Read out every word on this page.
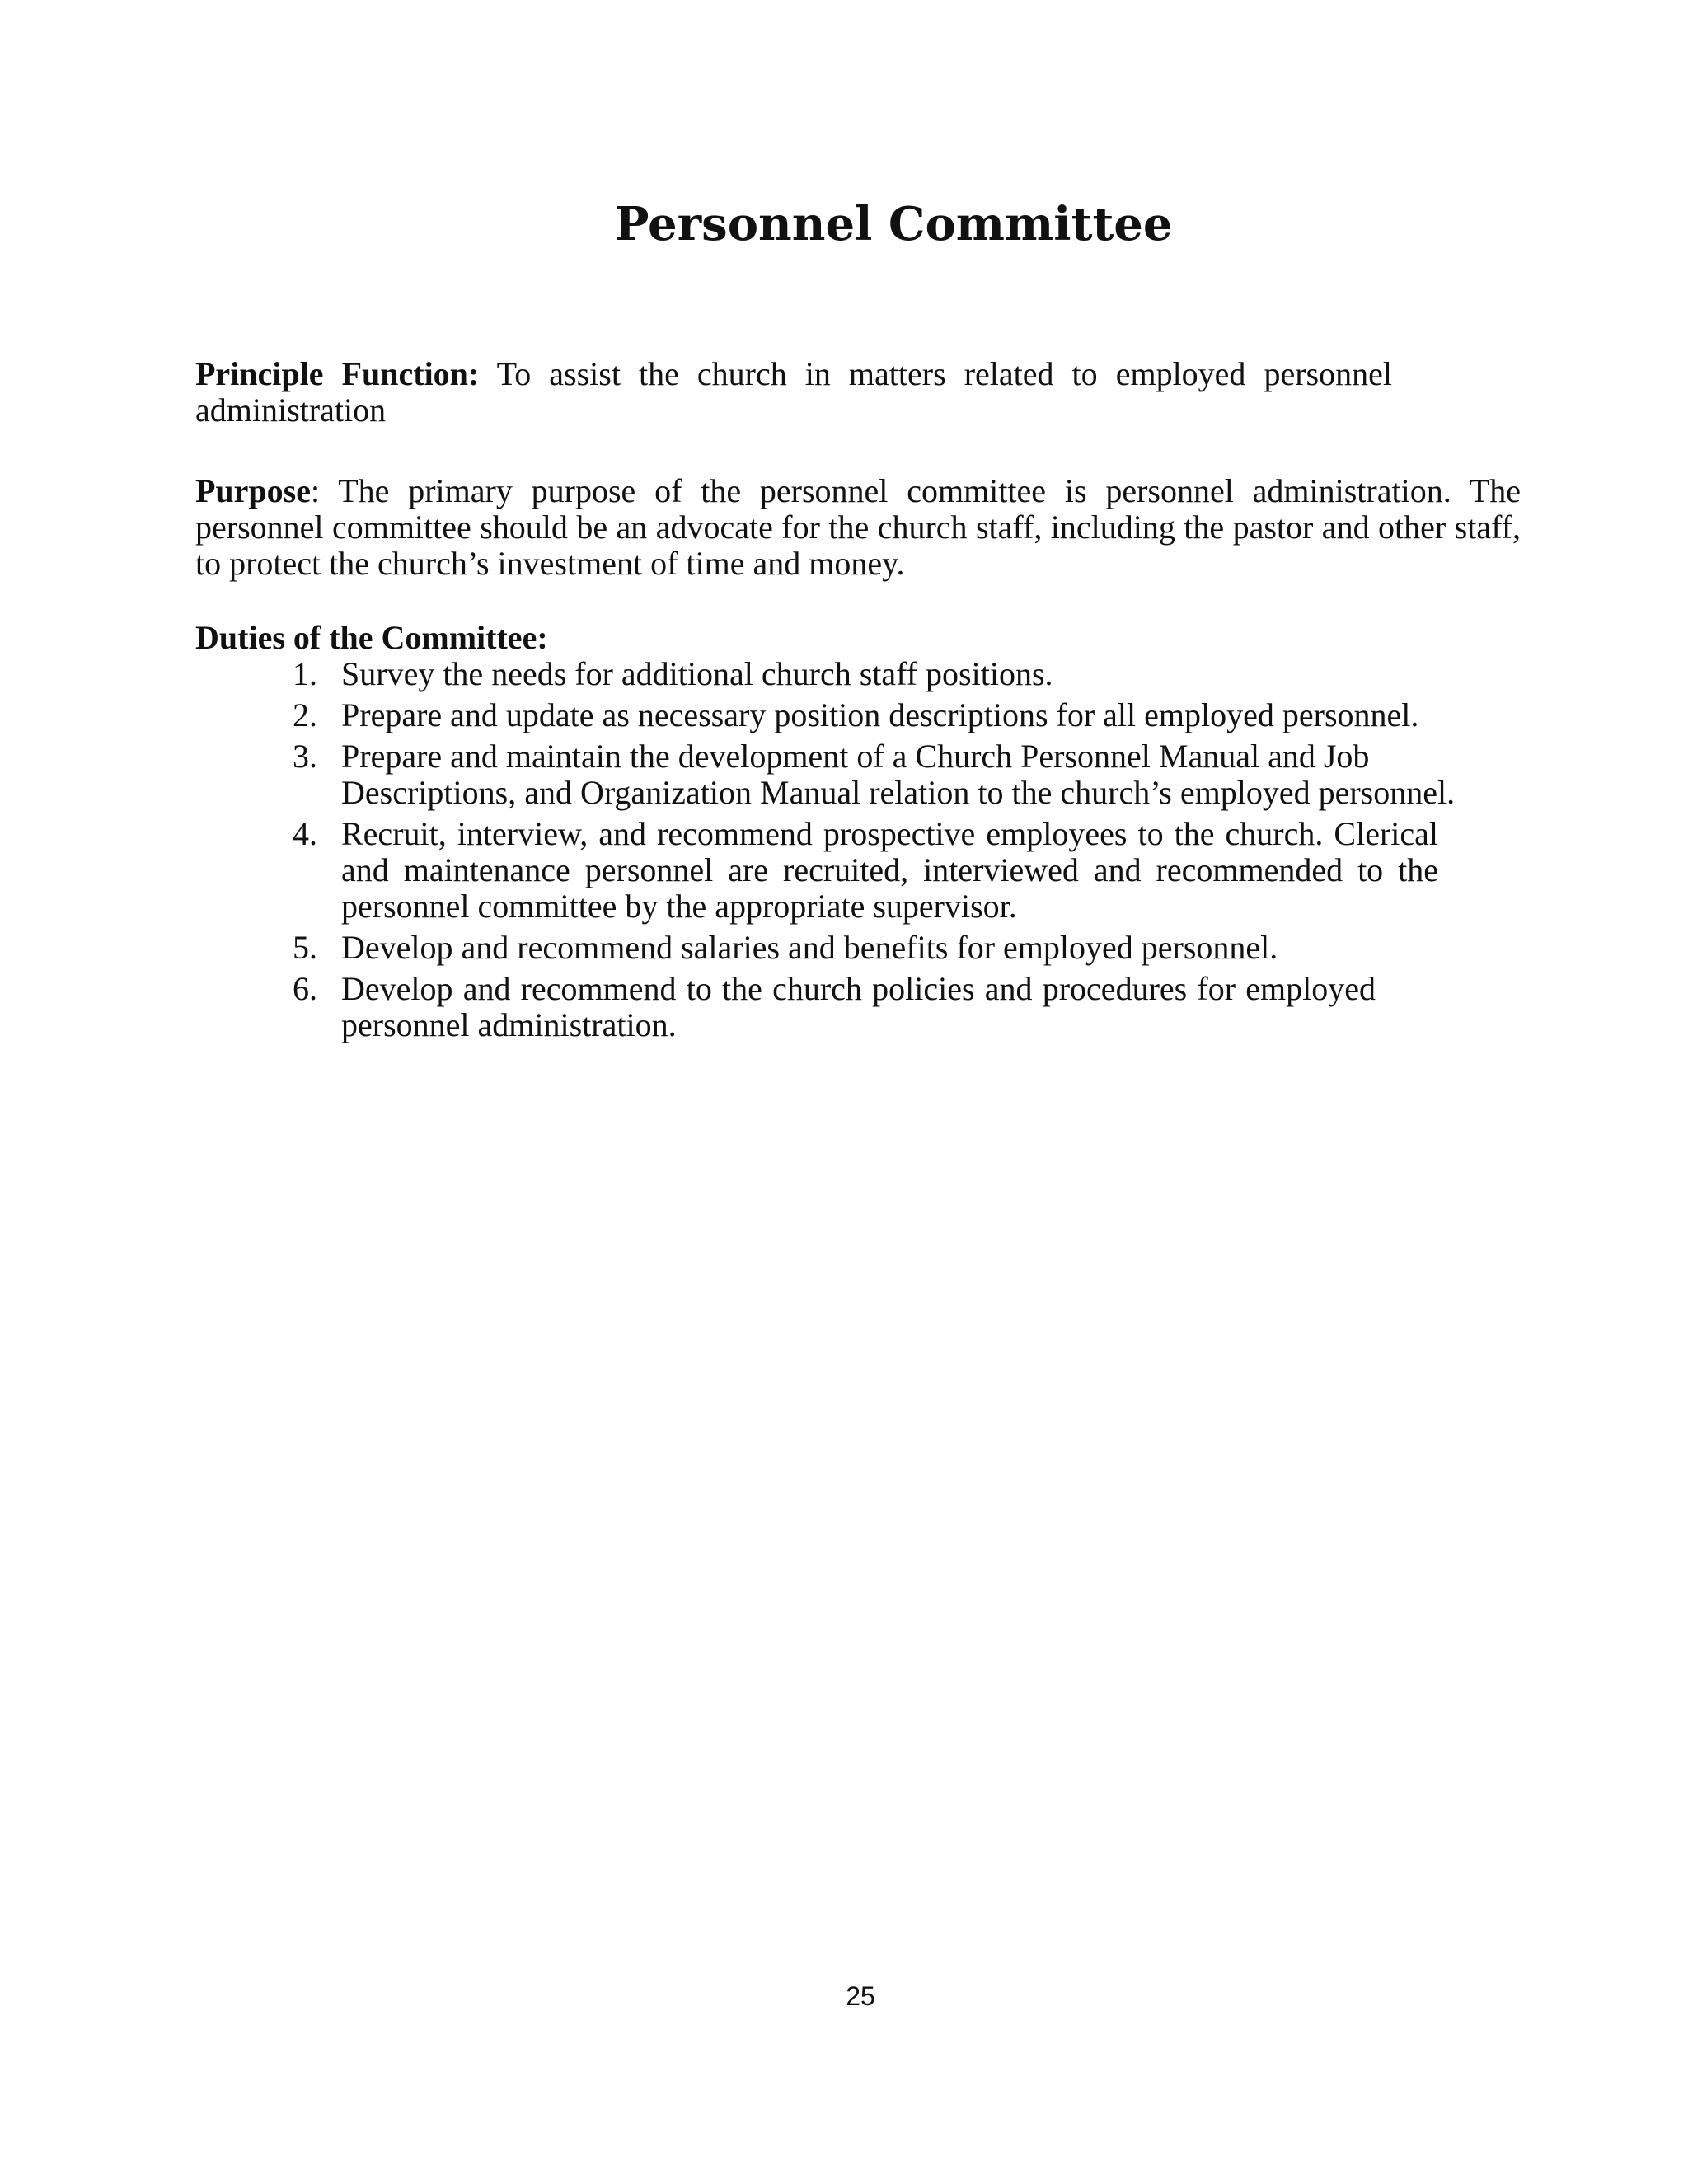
Personnel Committee
Principle Function: To assist the church in matters related to employed personnel administration
Purpose: The primary purpose of the personnel committee is personnel administration. The personnel committee should be an advocate for the church staff, including the pastor and other staff, to protect the church’s investment of time and money.
Duties of the Committee:
1. Survey the needs for additional church staff positions.
2. Prepare and update as necessary position descriptions for all employed personnel.
3. Prepare and maintain the development of a Church Personnel Manual and Job Descriptions, and Organization Manual relation to the church’s employed personnel.
4. Recruit, interview, and recommend prospective employees to the church. Clerical and maintenance personnel are recruited, interviewed and recommended to the personnel committee by the appropriate supervisor.
5. Develop and recommend salaries and benefits for employed personnel.
6. Develop and recommend to the church policies and procedures for employed personnel administration.
25
